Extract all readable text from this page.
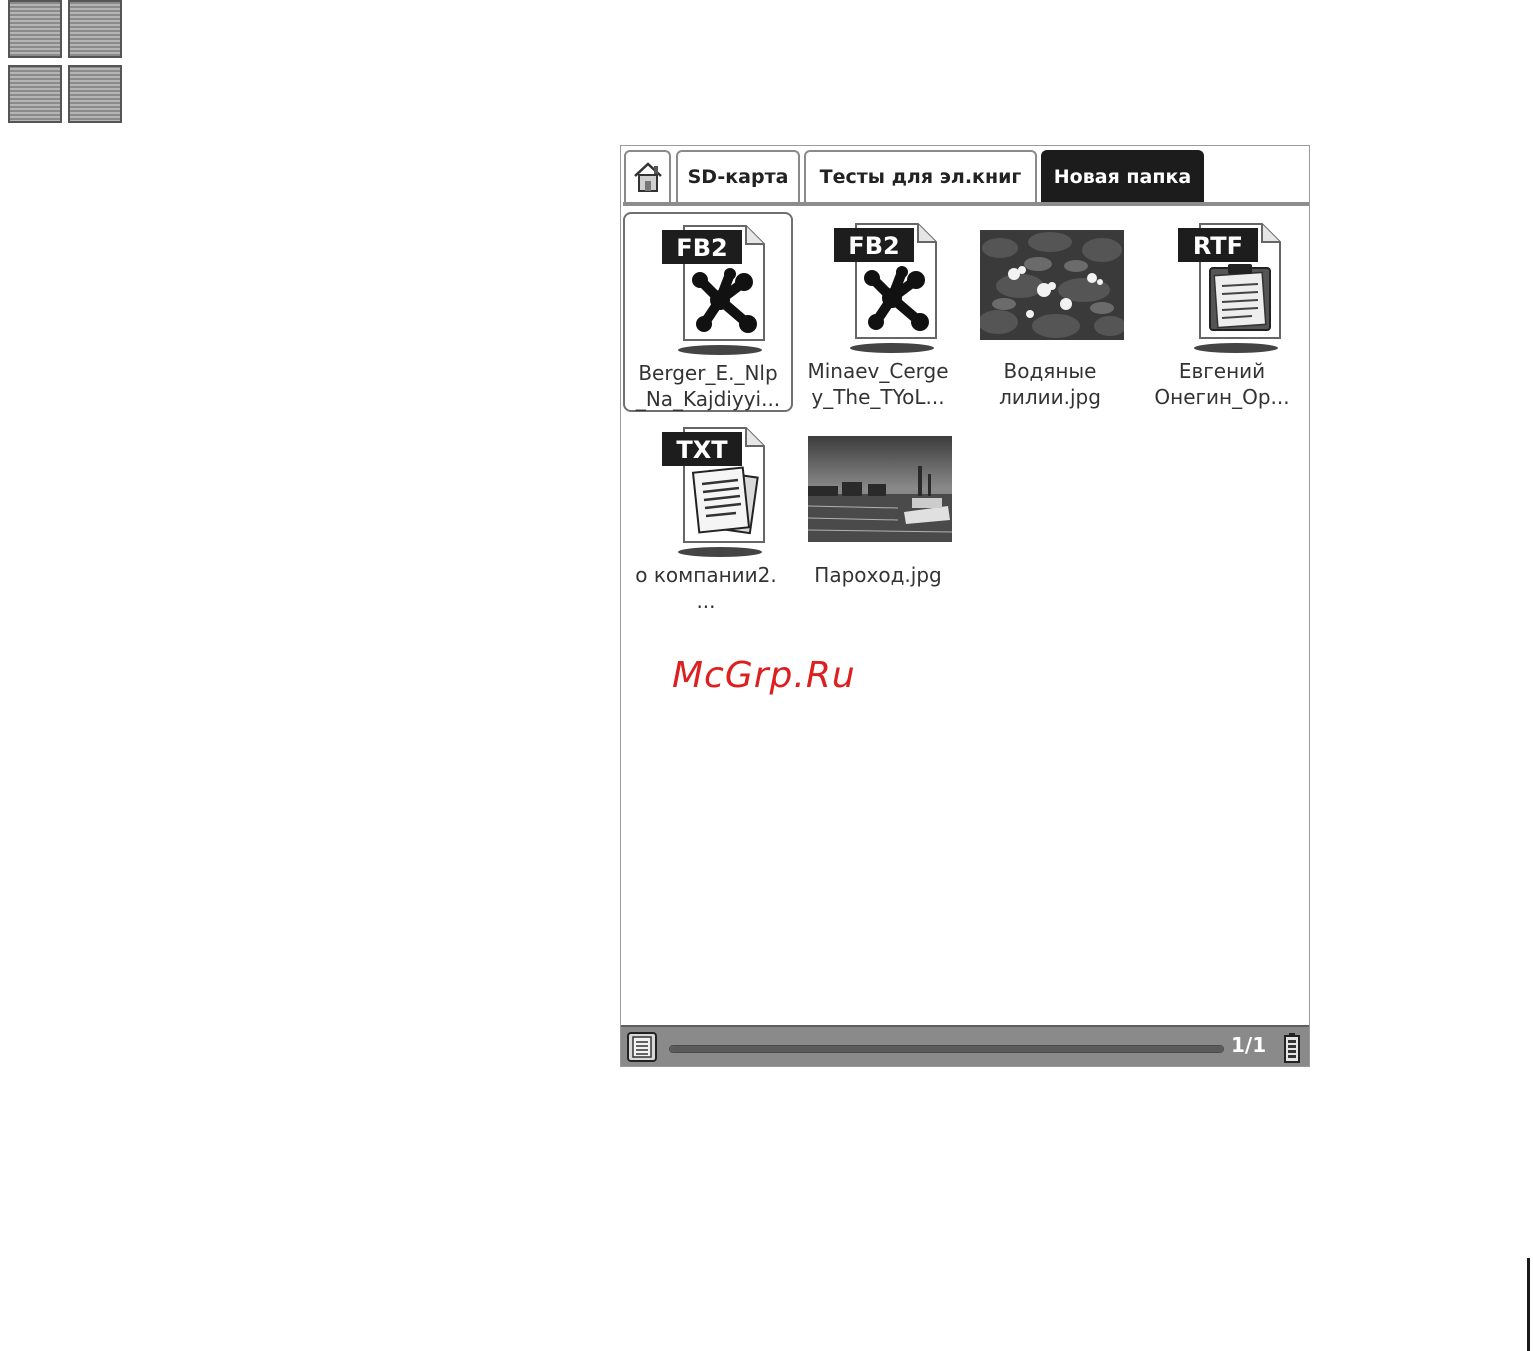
SD-карта	Тесты для эл.книг	Новая папка
FB2
Berger_E._Nlp
_Na_Kajdiyyi...
FB2
Minaev_Cerge
y_The_TYoL...
Водяные
лилии.jpg
RTF
Евгений
Онегин_Op...
TXT
о компании2.
...
Пароход.jpg
1/1
McGrp.Ru
